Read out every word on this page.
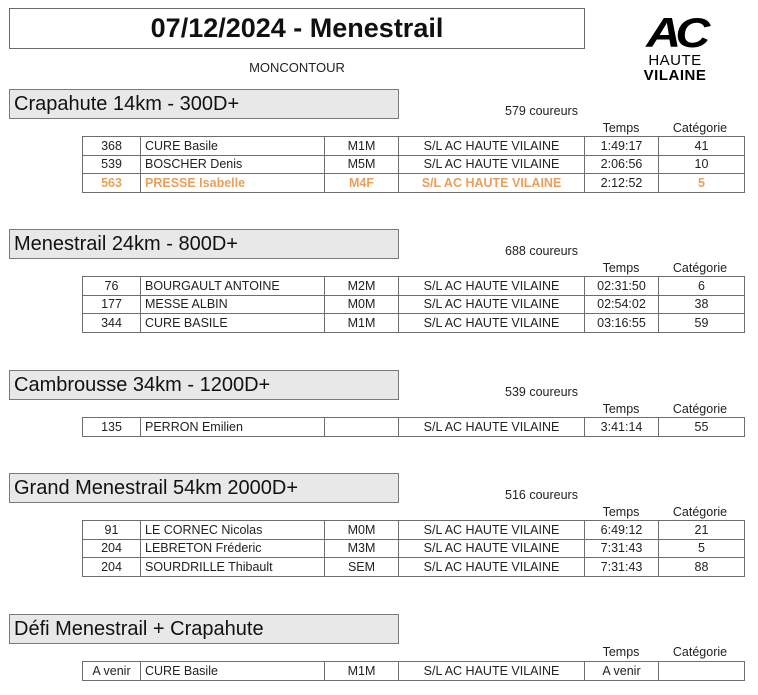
07/12/2024 - Menestrail
MONCONTOUR
AC
HAUTE
VILAINE
Crapahute 14km - 300D+	579 coureurs
Temps	Catégorie
368	CURE Basile	M1M	S/L AC HAUTE VILAINE	1:49:17	41
539	BOSCHER Denis	M5M	S/L AC HAUTE VILAINE	2:06:56	10
563	PRESSE Isabelle	M4F	S/L AC HAUTE VILAINE	2:12:52	5
Menestrail 24km - 800D+	688 coureurs
Temps	Catégorie
76	BOURGAULT ANTOINE	M2M	S/L AC HAUTE VILAINE	02:31:50	6
177	MESSE ALBIN	M0M	S/L AC HAUTE VILAINE	02:54:02	38
344	CURE BASILE	M1M	S/L AC HAUTE VILAINE	03:16:55	59
Cambrousse 34km - 1200D+	539 coureurs
Temps	Catégorie
135	PERRON Emilien		S/L AC HAUTE VILAINE	3:41:14	55
Grand Menestrail 54km 2000D+	516 coureurs
Temps	Catégorie
91	LE CORNEC Nicolas	M0M	S/L AC HAUTE VILAINE	6:49:12	21
204	LEBRETON Fréderic	M3M	S/L AC HAUTE VILAINE	7:31:43	5
204	SOURDRILLE Thibault	SEM	S/L AC HAUTE VILAINE	7:31:43	88
Défi Menestrail + Crapahute
Temps	Catégorie
A venir	CURE Basile	M1M	S/L AC HAUTE VILAINE	A venir	
